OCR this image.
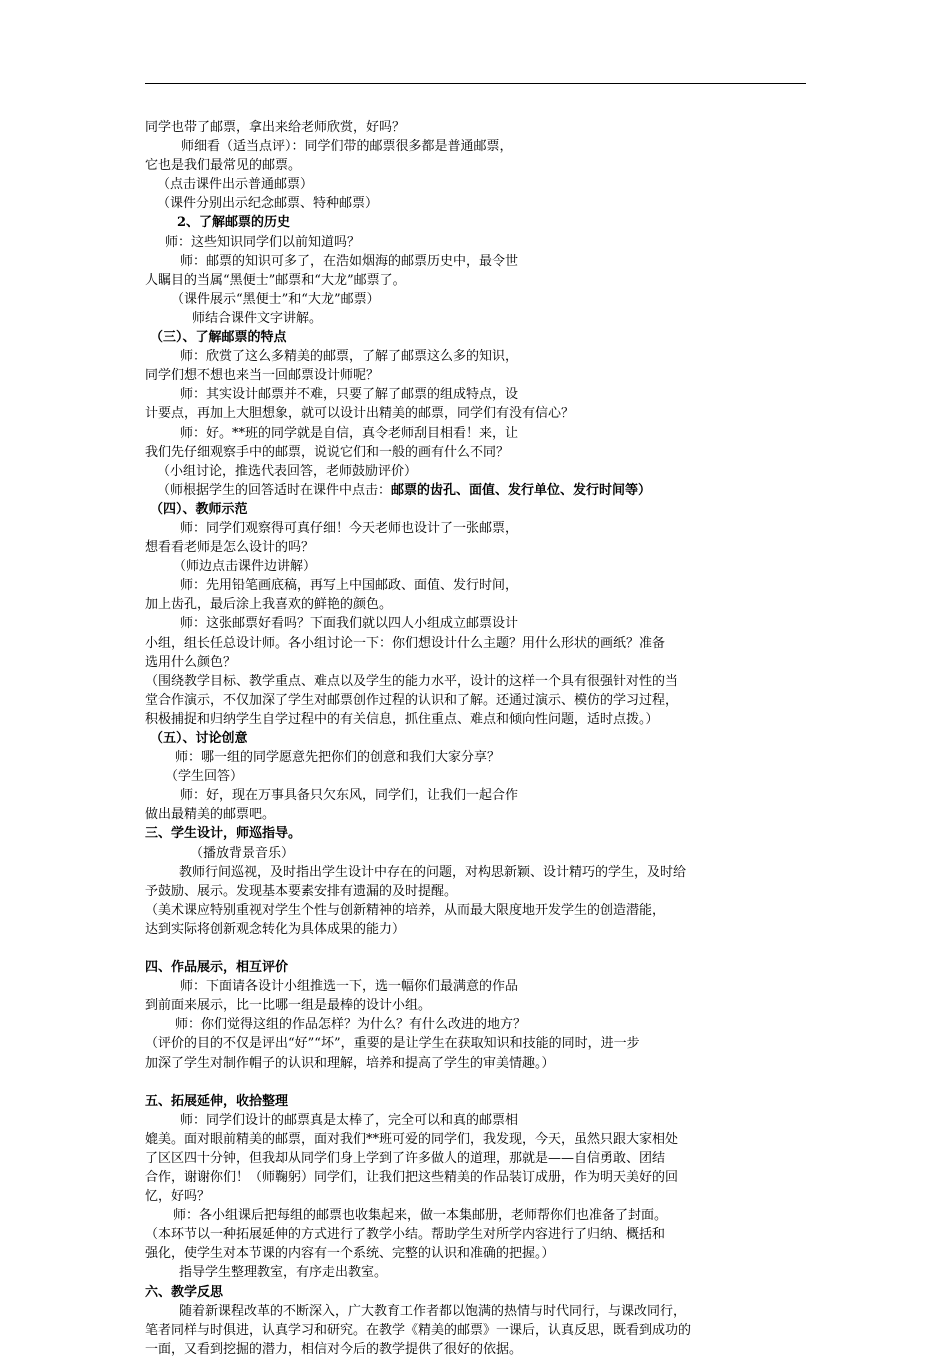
同学也带了邮票，拿出来给老师欣赏，好吗？
师细看（适当点评）：同学们带的邮票很多都是普通邮票，
它也是我们最常见的邮票。
（点击课件出示普通邮票）
（课件分别出示纪念邮票、特种邮票）
2、了解邮票的历史
师：这些知识同学们以前知道吗？
师：邮票的知识可多了，在浩如烟海的邮票历史中，最令世
人瞩目的当属“黑便士”邮票和“大龙”邮票了。
（课件展示“黑便士”和“大龙”邮票）
师结合课件文字讲解。
（三）、了解邮票的特点
师：欣赏了这么多精美的邮票，了解了邮票这么多的知识，
同学们想不想也来当一回邮票设计师呢？
师：其实设计邮票并不难，只要了解了邮票的组成特点，设
计要点，再加上大胆想象，就可以设计出精美的邮票，同学们有没有信心？
师：好。**班的同学就是自信，真令老师刮目相看！来，让
我们先仔细观察手中的邮票，说说它们和一般的画有什么不同？
（小组讨论，推选代表回答，老师鼓励评价）
（师根据学生的回答适时在课件中点击：邮票的齿孔、面值、发行单位、发行时间等）
（四）、教师示范
师：同学们观察得可真仔细！今天老师也设计了一张邮票，
想看看老师是怎么设计的吗？
（师边点击课件边讲解）
师：先用铅笔画底稿，再写上中国邮政、面值、发行时间，
加上齿孔，最后涂上我喜欢的鲜艳的颜色。
师：这张邮票好看吗？下面我们就以四人小组成立邮票设计
小组，组长任总设计师。各小组讨论一下：你们想设计什么主题？用什么形状的画纸？准备
选用什么颜色？
（围绕教学目标、教学重点、难点以及学生的能力水平，设计的这样一个具有很强针对性的当
堂合作演示，不仅加深了学生对邮票创作过程的认识和了解。还通过演示、模仿的学习过程，
积极捕捉和归纳学生自学过程中的有关信息，抓住重点、难点和倾向性问题，适时点拨。）
（五）、讨论创意
师：哪一组的同学愿意先把你们的创意和我们大家分享？
（学生回答）
师：好，现在万事具备只欠东风，同学们，让我们一起合作
做出最精美的邮票吧。
三、学生设计，师巡指导。
（播放背景音乐）
教师行间巡视，及时指出学生设计中存在的问题，对构思新颖、设计精巧的学生，及时给
予鼓励、展示。发现基本要素安排有遗漏的及时提醒。
（美术课应特别重视对学生个性与创新精神的培养，从而最大限度地开发学生的创造潜能，
达到实际将创新观念转化为具体成果的能力）
四、作品展示，相互评价
师：下面请各设计小组推选一下，选一幅你们最满意的作品
到前面来展示，比一比哪一组是最棒的设计小组。
师：你们觉得这组的作品怎样？为什么？有什么改进的地方？
（评价的目的不仅是评出“好”“坏”，重要的是让学生在获取知识和技能的同时，进一步
加深了学生对制作帽子的认识和理解，培养和提高了学生的审美情趣。）
五、拓展延伸，收拾整理
师：同学们设计的邮票真是太棒了，完全可以和真的邮票相
媲美。面对眼前精美的邮票，面对我们**班可爱的同学们，我发现，今天，虽然只跟大家相处
了区区四十分钟，但我却从同学们身上学到了许多做人的道理，那就是——自信勇敢、团结
合作，谢谢你们！（师鞠躬）同学们，让我们把这些精美的作品装订成册，作为明天美好的回
忆，好吗？
师：各小组课后把每组的邮票也收集起来，做一本集邮册，老师帮你们也准备了封面。
（本环节以一种拓展延伸的方式进行了教学小结。帮助学生对所学内容进行了归纳、概括和
强化，使学生对本节课的内容有一个系统、完整的认识和准确的把握。）
指导学生整理教室，有序走出教室。
六、教学反思
随着新课程改革的不断深入，广大教育工作者都以饱满的热情与时代同行，与课改同行，
笔者同样与时俱进，认真学习和研究。在教学《精美的邮票》一课后，认真反思，既看到成功的
一面，又看到挖掘的潜力，相信对今后的教学提供了很好的依据。
